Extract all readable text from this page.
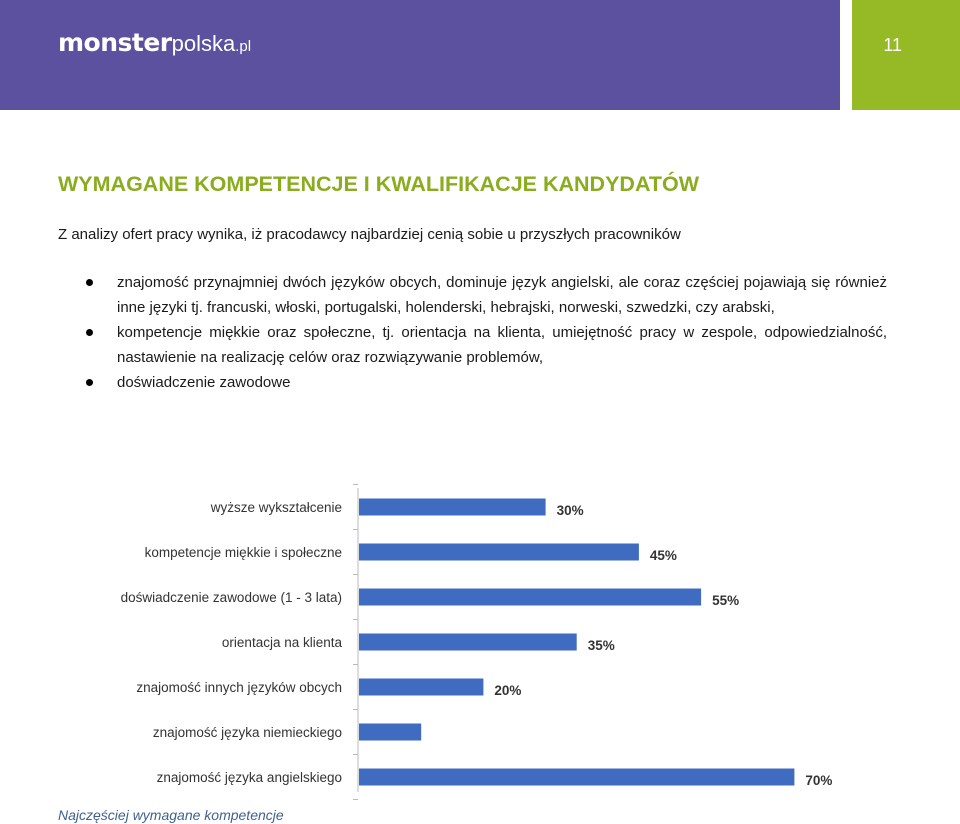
monsterpolska.pl	11
WYMAGANE KOMPETENCJE I KWALIFIKACJE KANDYDATÓW

Z analizy ofert pracy wynika, iż pracodawcy najbardziej cenią sobie u przyszłych pracowników

znajomość przynajmniej dwóch języków obcych, dominuje język angielski, ale coraz częściej pojawiają się również inne języki tj. francuski, włoski, portugalski, holenderski, hebrajski, norweski, szwedzki, czy arabski,
kompetencje miękkie oraz społeczne, tj. orientacja na klienta, umiejętność pracy w zespole, odpowiedzialność, nastawienie na realizację celów oraz rozwiązywanie problemów,
doświadczenie zawodowe
wyższe wykształcenie	30%
kompetencje miękkie i społeczne	45%
doświadczenie zawodowe (1 - 3 lata)	55%
orientacja na klienta	35%
znajomość innych języków obcych	20%
znajomość języka niemieckiego
znajomość języka angielskiego	70%

Najczęściej wymagane kompetencje
